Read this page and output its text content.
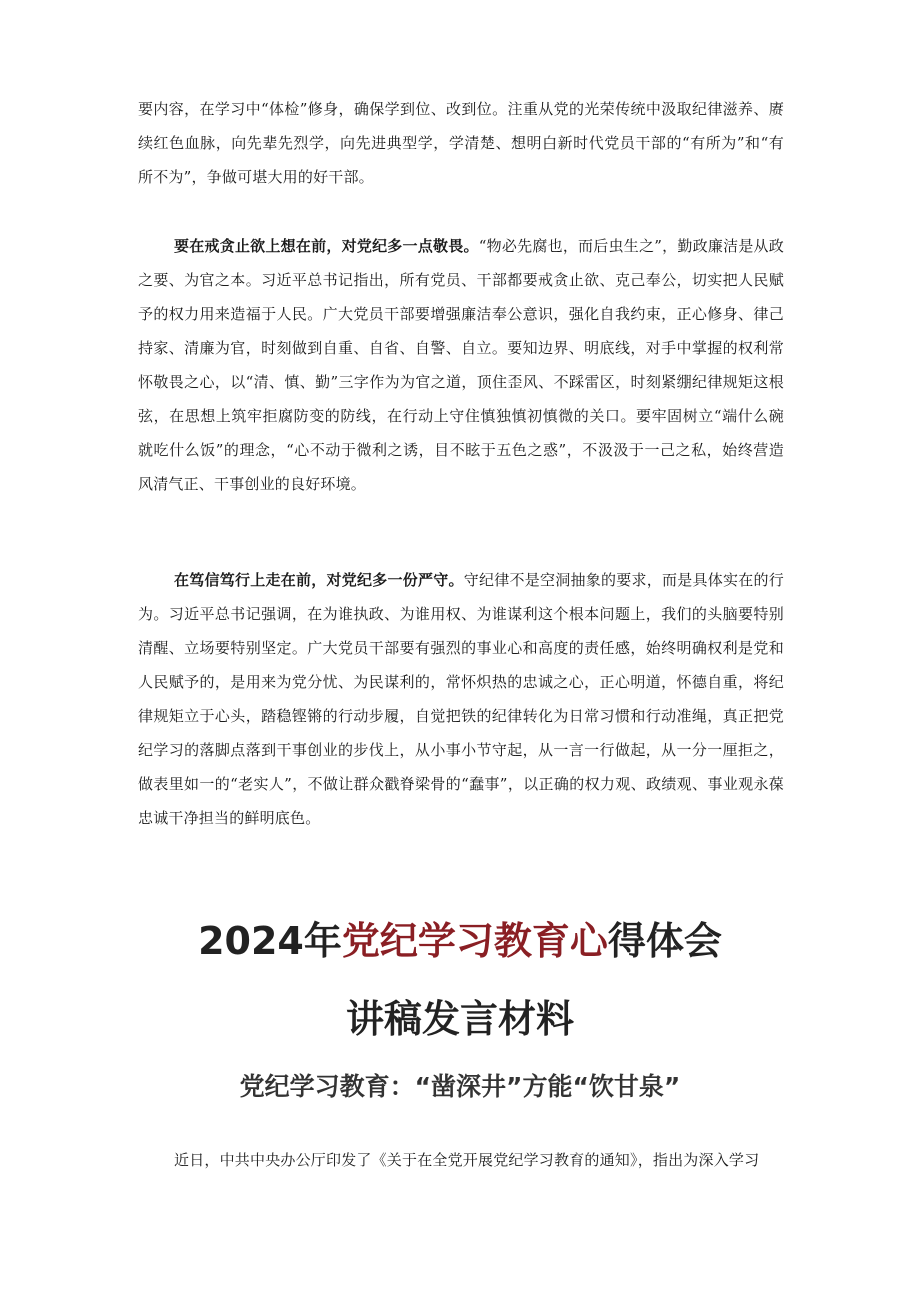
要内容，在学习中“体检”修身，确保学到位、改到位。注重从党的光荣传统中汲取纪律滋养、赓续红色血脉，向先辈先烈学，向先进典型学，学清楚、想明白新时代党员干部的“有所为”和“有所不为”，争做可堪大用的好干部。

要在戒贪止欲上想在前，对党纪多一点敬畏。“物必先腐也，而后虫生之”，勤政廉洁是从政之要、为官之本。习近平总书记指出，所有党员、干部都要戒贪止欲、克己奉公，切实把人民赋予的权力用来造福于人民。广大党员干部要增强廉洁奉公意识，强化自我约束，正心修身、律己持家、清廉为官，时刻做到自重、自省、自警、自立。要知边界、明底线，对手中掌握的权利常怀敬畏之心，以“清、慎、勤”三字作为为官之道，顶住歪风、不踩雷区，时刻紧绷纪律规矩这根弦，在思想上筑牢拒腐防变的防线，在行动上守住慎独慎初慎微的关口。要牢固树立“端什么碗就吃什么饭”的理念，“心不动于微利之诱，目不眩于五色之惑”，不汲汲于一己之私，始终营造风清气正、干事创业的良好环境。

在笃信笃行上走在前，对党纪多一份严守。守纪律不是空洞抽象的要求，而是具体实在的行为。习近平总书记强调，在为谁执政、为谁用权、为谁谋利这个根本问题上，我们的头脑要特别清醒、立场要特别坚定。广大党员干部要有强烈的事业心和高度的责任感，始终明确权利是党和人民赋予的，是用来为党分忧、为民谋利的，常怀炽热的忠诚之心，正心明道，怀德自重，将纪律规矩立于心头，踏稳铿锵的行动步履，自觉把铁的纪律转化为日常习惯和行动准绳，真正把党纪学习的落脚点落到干事创业的步伐上，从小事小节守起，从一言一行做起，从一分一厘拒之，做表里如一的“老实人”，不做让群众戳脊梁骨的“蠢事”，以正确的权力观、政绩观、事业观永葆忠诚干净担当的鲜明底色。

2024年党纪学习教育心得体会
讲稿发言材料
党纪学习教育：“凿深井”方能“饮甘泉”

近日，中共中央办公厅印发了《关于在全党开展党纪学习教育的通知》，指出为深入学习
